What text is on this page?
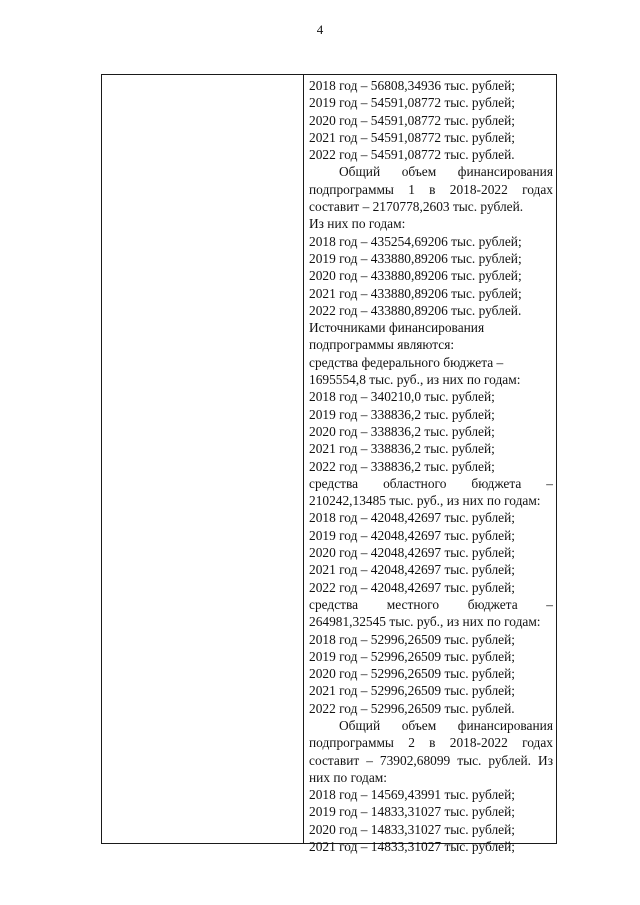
4
2018 год – 56808,34936 тыс. рублей;
2019 год – 54591,08772 тыс. рублей;
2020 год – 54591,08772 тыс. рублей;
2021 год – 54591,08772 тыс. рублей;
2022 год – 54591,08772 тыс. рублей.
Общий объем финансирования
подпрограммы 1 в 2018-2022 годах
составит – 2170778,2603 тыс. рублей.
Из них по годам:
2018 год – 435254,69206 тыс. рублей;
2019 год – 433880,89206 тыс. рублей;
2020 год – 433880,89206 тыс. рублей;
2021 год – 433880,89206 тыс. рублей;
2022 год – 433880,89206 тыс. рублей.
Источниками финансирования
подпрограммы являются:
средства федерального бюджета –
1695554,8 тыс. руб., из них по годам:
2018 год – 340210,0 тыс. рублей;
2019 год – 338836,2 тыс. рублей;
2020 год – 338836,2 тыс. рублей;
2021 год – 338836,2 тыс. рублей;
2022 год – 338836,2 тыс. рублей;
средства областного бюджета –
210242,13485 тыс. руб., из них по годам:
2018 год – 42048,42697 тыс. рублей;
2019 год – 42048,42697 тыс. рублей;
2020 год – 42048,42697 тыс. рублей;
2021 год – 42048,42697 тыс. рублей;
2022 год – 42048,42697 тыс. рублей;
средства местного бюджета –
264981,32545 тыс. руб., из них по годам:
2018 год – 52996,26509 тыс. рублей;
2019 год – 52996,26509 тыс. рублей;
2020 год – 52996,26509 тыс. рублей;
2021 год – 52996,26509 тыс. рублей;
2022 год – 52996,26509 тыс. рублей.
Общий объем финансирования
подпрограммы 2 в 2018-2022 годах
составит – 73902,68099 тыс. рублей. Из
них по годам:
2018 год – 14569,43991 тыс. рублей;
2019 год – 14833,31027 тыс. рублей;
2020 год – 14833,31027 тыс. рублей;
2021 год – 14833,31027 тыс. рублей;
